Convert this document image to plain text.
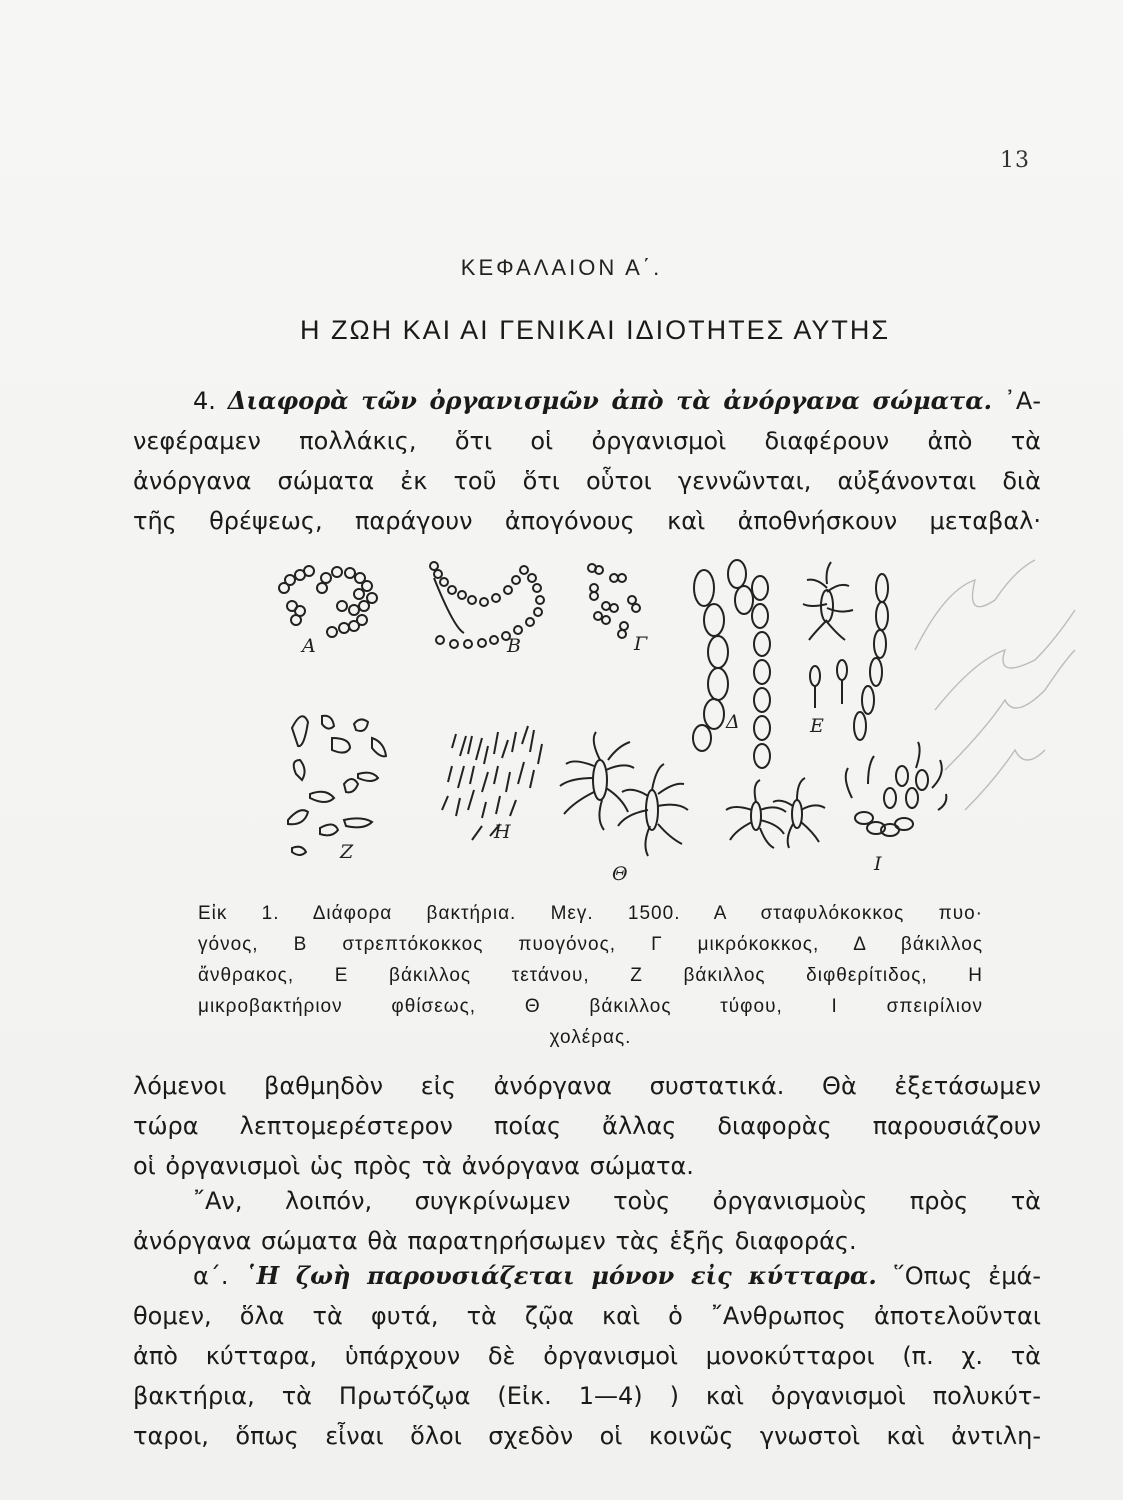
13
ΚΕΦΑΛΑΙΟΝ Α΄.
Η ΖΩΗ ΚΑΙ ΑΙ ΓΕΝΙΚΑΙ ΙΔΙΟΤΗΤΕΣ ΑΥΤΗΣ
4. Διαφορὰ τῶν ὀργανισμῶν ἀπὸ τὰ ἀνόργανα σώματα. ᾿Α-
νεφέραμεν πολλάκις, ὅτι οἱ ὀργανισμοὶ διαφέρουν ἀπὸ τὰ
ἀνόργανα σώματα ἐκ τοῦ ὅτι οὗτοι γεννῶνται, αὐξάνονται διὰ
τῆς θρέψεως, παράγουν ἀπογόνους καὶ ἀποθνήσκουν μεταβαλ·
Α	Β	Γ
Δ	Ε
Ζ
Η
Θ	Ι
Εἰκ 1. Διάφορα βακτήρια. Μεγ. 1500. Α σταφυλόκοκκος πυο·
γόνος, Β στρεπτόκοκκος πυογόνος, Γ μικρόκοκκος, Δ βάκιλλος
ἄνθρακος, Ε βάκιλλος τετάνου, Ζ βάκιλλος διφθερίτιδος, Η
μικροβακτήριον φθίσεως, Θ βάκιλλος τύφου, Ι σπειρίλιον
χολέρας.
λόμενοι βαθμηδὸν εἰς ἀνόργανα συστατικά. Θὰ ἐξετάσωμεν
τώρα λεπτομερέστερον ποίας ἄλλας διαφορὰς παρουσιάζουν
οἱ ὀργανισμοὶ ὡς πρὸς τὰ ἀνόργανα σώματα.
῎Αν, λοιπόν, συγκρίνωμεν τοὺς ὀργανισμοὺς πρὸς τὰ
ἀνόργανα σώματα θὰ παρατηρήσωμεν τὰς ἑξῆς διαφοράς.
α΄. ῾Η ζωὴ παρουσιάζεται μόνον εἰς κύτταρα. ῞Οπως ἐμά-
θομεν, ὅλα τὰ φυτά, τὰ ζῷα καὶ ὁ ῎Ανθρωπος ἀποτελοῦνται
ἀπὸ κύτταρα, ὑπάρχουν δὲ ὀργανισμοὶ μονοκύτταροι (π. χ. τὰ
βακτήρια, τὰ Πρωτόζῳα (Εἰκ. 1—4) ) καὶ ὀργανισμοὶ πολυκύτ-
ταροι, ὅπως εἶναι ὅλοι σχεδὸν οἱ κοινῶς γνωστοὶ καὶ ἀντιλη-
